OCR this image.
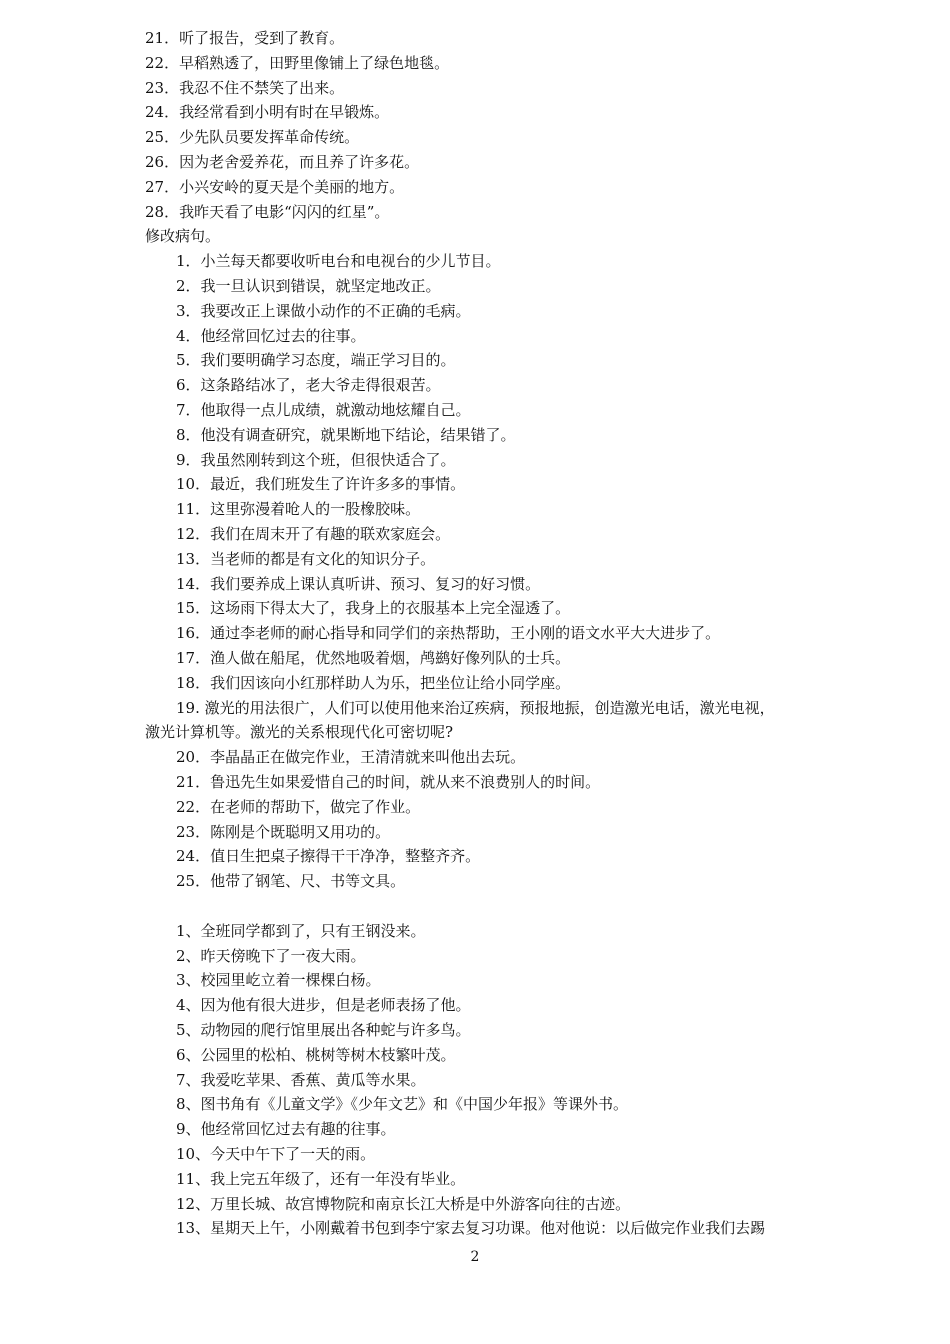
21．听了报告，受到了教育。
22．早稻熟透了，田野里像铺上了绿色地毯。
23．我忍不住不禁笑了出来。
24．我经常看到小明有时在早锻炼。
25．少先队员要发挥革命传统。
26．因为老舍爱养花，而且养了许多花。
27．小兴安岭的夏天是个美丽的地方。
28．我昨天看了电影“闪闪的红星”。
修改病句。
1．小兰每天都要收听电台和电视台的少儿节目。
2．我一旦认识到错误，就坚定地改正。
3．我要改正上课做小动作的不正确的毛病。
4．他经常回忆过去的往事。
5．我们要明确学习态度，端正学习目的。
6．这条路结冰了，老大爷走得很艰苦。
7．他取得一点儿成绩，就激动地炫耀自己。
8．他没有调查研究，就果断地下结论，结果错了。
9．我虽然刚转到这个班，但很快适合了。
10．最近，我们班发生了许许多多的事情。
11．这里弥漫着呛人的一股橡胶味。
12．我们在周末开了有趣的联欢家庭会。
13．当老师的都是有文化的知识分子。
14．我们要养成上课认真听讲、预习、复习的好习惯。
15．这场雨下得太大了，我身上的衣服基本上完全湿透了。
16．通过李老师的耐心指导和同学们的亲热帮助，王小刚的语文水平大大进步了。
17．渔人做在船尾，优然地吸着烟，鸬鹚好像列队的士兵。
18．我们因该向小红那样助人为乐，把坐位让给小同学座。
19. 激光的用法很广，人们可以使用他来治辽疾病，预报地振，创造激光电话，激光电视，
激光计算机等。激光的关系根现代化可密切呢?
20．李晶晶正在做完作业，王清清就来叫他出去玩。
21．鲁迅先生如果爱惜自己的时间，就从来不浪费别人的时间。
22．在老师的帮助下，做完了作业。
23．陈刚是个既聪明又用功的。
24．值日生把桌子擦得干干净净，整整齐齐。
25．他带了钢笔、尺、书等文具。
1、全班同学都到了，只有王钢没来。
2、昨天傍晚下了一夜大雨。
3、校园里屹立着一棵棵白杨。
4、因为他有很大进步，但是老师表扬了他。
5、动物园的爬行馆里展出各种蛇与许多鸟。
6、公园里的松柏、桃树等树木枝繁叶茂。
7、我爱吃苹果、香蕉、黄瓜等水果。
8、图书角有《儿童文学》《少年文艺》和《中国少年报》等课外书。
9、他经常回忆过去有趣的往事。
10、今天中午下了一天的雨。
11、我上完五年级了，还有一年没有毕业。
12、万里长城、故宫博物院和南京长江大桥是中外游客向往的古迹。
13、星期天上午，小刚戴着书包到李宁家去复习功课。他对他说：以后做完作业我们去踢
2
